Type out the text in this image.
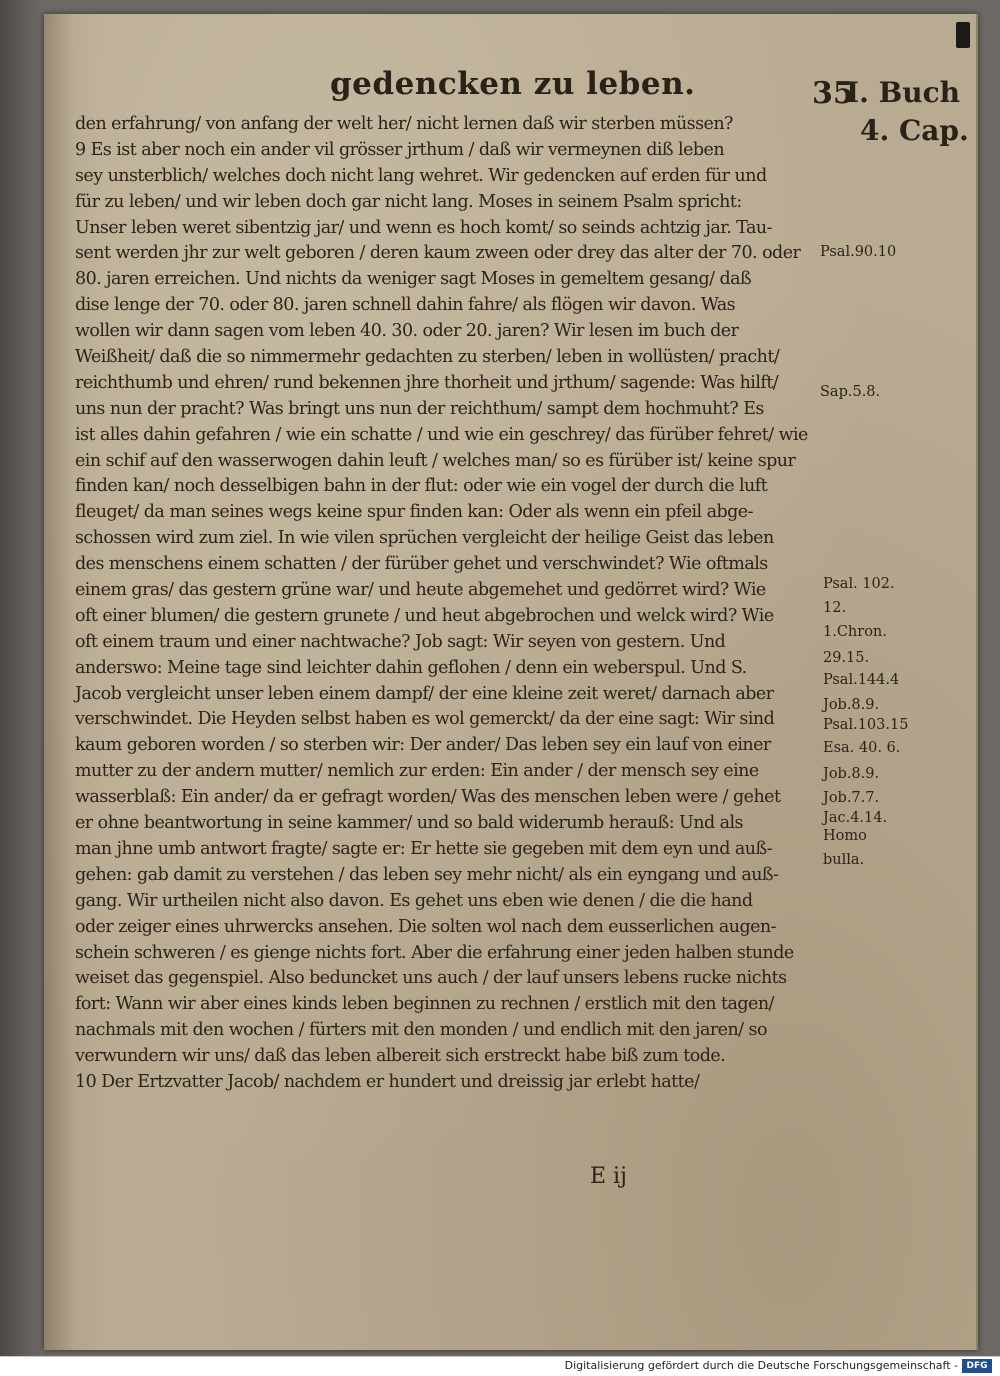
gedencken zu leben.	35
I. Buch
4. Cap.
den erfahrung/ von anfang der welt her/ nicht lernen daß wir sterben müssen?
9 Es ist aber noch ein ander vil grösser jrthum / daß wir vermeynen diß leben
sey unsterblich/ welches doch nicht lang wehret. Wir gedencken auf erden für und
für zu leben/ und wir leben doch gar nicht lang. Moses in seinem Psalm spricht:
Unser leben weret sibentzig jar/ und wenn es hoch komt/ so seinds achtzig jar. Tau-
sent werden jhr zur welt geboren / deren kaum zween oder drey das alter der 70. oder
80. jaren erreichen. Und nichts da weniger sagt Moses in gemeltem gesang/ daß
dise lenge der 70. oder 80. jaren schnell dahin fahre/ als flögen wir davon. Was
wollen wir dann sagen vom leben 40. 30. oder 20. jaren? Wir lesen im buch der
Weißheit/ daß die so nimmermehr gedachten zu sterben/ leben in wollüsten/ pracht/
reichthumb und ehren/ rund bekennen jhre thorheit und jrthum/ sagende: Was hilft/
uns nun der pracht? Was bringt uns nun der reichthum/ sampt dem hochmuht? Es
ist alles dahin gefahren / wie ein schatte / und wie ein geschrey/ das fürüber fehret/ wie
ein schif auf den wasserwogen dahin leuft / welches man/ so es fürüber ist/ keine spur
finden kan/ noch desselbigen bahn in der flut: oder wie ein vogel der durch die luft
fleuget/ da man seines wegs keine spur finden kan: Oder als wenn ein pfeil abge-
schossen wird zum ziel. In wie vilen sprüchen vergleicht der heilige Geist das leben
des menschens einem schatten / der fürüber gehet und verschwindet? Wie oftmals
einem gras/ das gestern grüne war/ und heute abgemehet und gedörret wird? Wie
oft einer blumen/ die gestern grunete / und heut abgebrochen und welck wird? Wie
oft einem traum und einer nachtwache? Job sagt: Wir seyen von gestern. Und
anderswo: Meine tage sind leichter dahin geflohen / denn ein weberspul. Und S.
Jacob vergleicht unser leben einem dampf/ der eine kleine zeit weret/ darnach aber
verschwindet. Die Heyden selbst haben es wol gemerckt/ da der eine sagt: Wir sind
kaum geboren worden / so sterben wir: Der ander/ Das leben sey ein lauf von einer
mutter zu der andern mutter/ nemlich zur erden: Ein ander / der mensch sey eine
wasserblaß: Ein ander/ da er gefragt worden/ Was des menschen leben were / gehet
er ohne beantwortung in seine kammer/ und so bald widerumb herauß: Und als
man jhne umb antwort fragte/ sagte er: Er hette sie gegeben mit dem eyn und auß-
gehen: gab damit zu verstehen / das leben sey mehr nicht/ als ein eyngang und auß-
gang. Wir urtheilen nicht also davon. Es gehet uns eben wie denen / die die hand
oder zeiger eines uhrwercks ansehen. Die solten wol nach dem eusserlichen augen-
schein schweren / es gienge nichts fort. Aber die erfahrung einer jeden halben stunde
weiset das gegenspiel. Also beduncket uns auch / der lauf unsers lebens rucke nichts
fort: Wann wir aber eines kinds leben beginnen zu rechnen / erstlich mit den tagen/
nachmals mit den wochen / fürters mit den monden / und endlich mit den jaren/ so
verwundern wir uns/ daß das leben albereit sich erstreckt habe biß zum tode.
10 Der Ertzvatter Jacob/ nachdem er hundert und dreissig jar erlebt hatte/
Psal.90.10
Sap.5.8.
Psal. 102.
12.
1.Chron.
29.15.
Psal.144.4
Job.8.9.
Psal.103.15
Esa. 40. 6.
Job.8.9.
Job.7.7.
Jac.4.14.
Homo
bulla.
E ij
Digitalisierung gefördert durch die Deutsche Forschungsgemeinschaft - DFG
